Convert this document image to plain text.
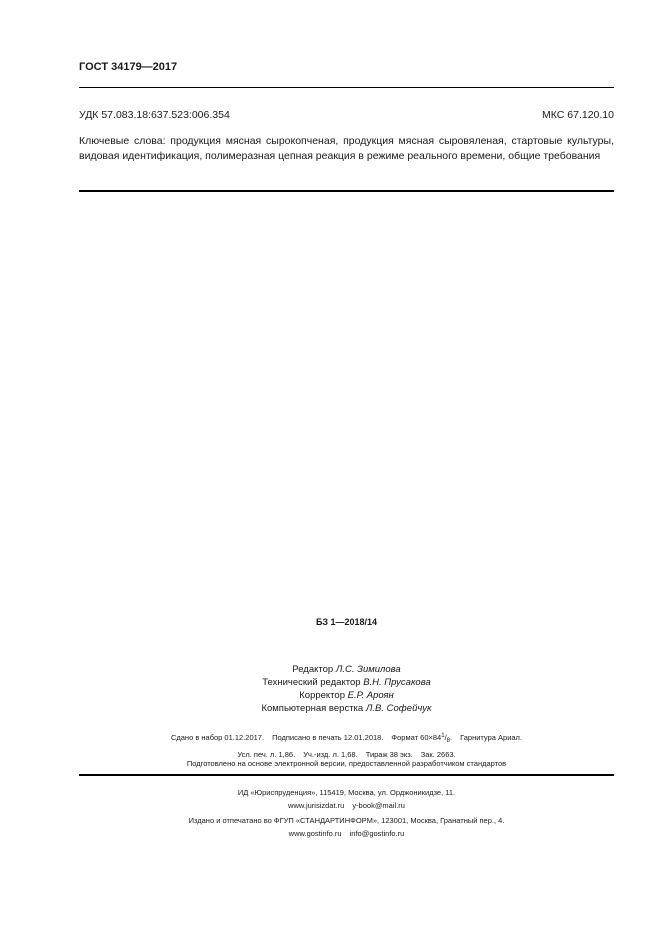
ГОСТ 34179—2017
УДК 57.083.18:637.523:006.354	МКС 67.120.10
Ключевые слова: продукция мясная сырокопченая, продукция мясная сыровяленая, стартовые культуры, видовая идентификация, полимеразная цепная реакция в режиме реального времени, общие требования
БЗ 1—2018/14
Редактор Л.С. Зимилова
Технический редактор В.Н. Прусакова
Корректор Е.Р. Ароян
Компьютерная верстка Л.В. Софейчук
Сдано в набор 01.12.2017. Подписано в печать 12.01.2018. Формат $60\times 84^1/_8$. Гарнитура Ариал.
Усл. печ. л. 1,86. Уч.-изд. л. 1,68. Тираж 38 экз. Зак. 2663.
Подготовлено на основе электронной версии, предоставленной разработчиком стандартов
ИД «Юриспруденция», 115419, Москва, ул. Орджоникидзе, 11.
www.jurisizdat.ru y-book@mail.ru
Издано и отпечатано во ФГУП «СТАНДАРТИНФОРМ», 123001, Москва, Гранатный пер., 4.
www.gostinfo.ru info@gostinfo.ru
